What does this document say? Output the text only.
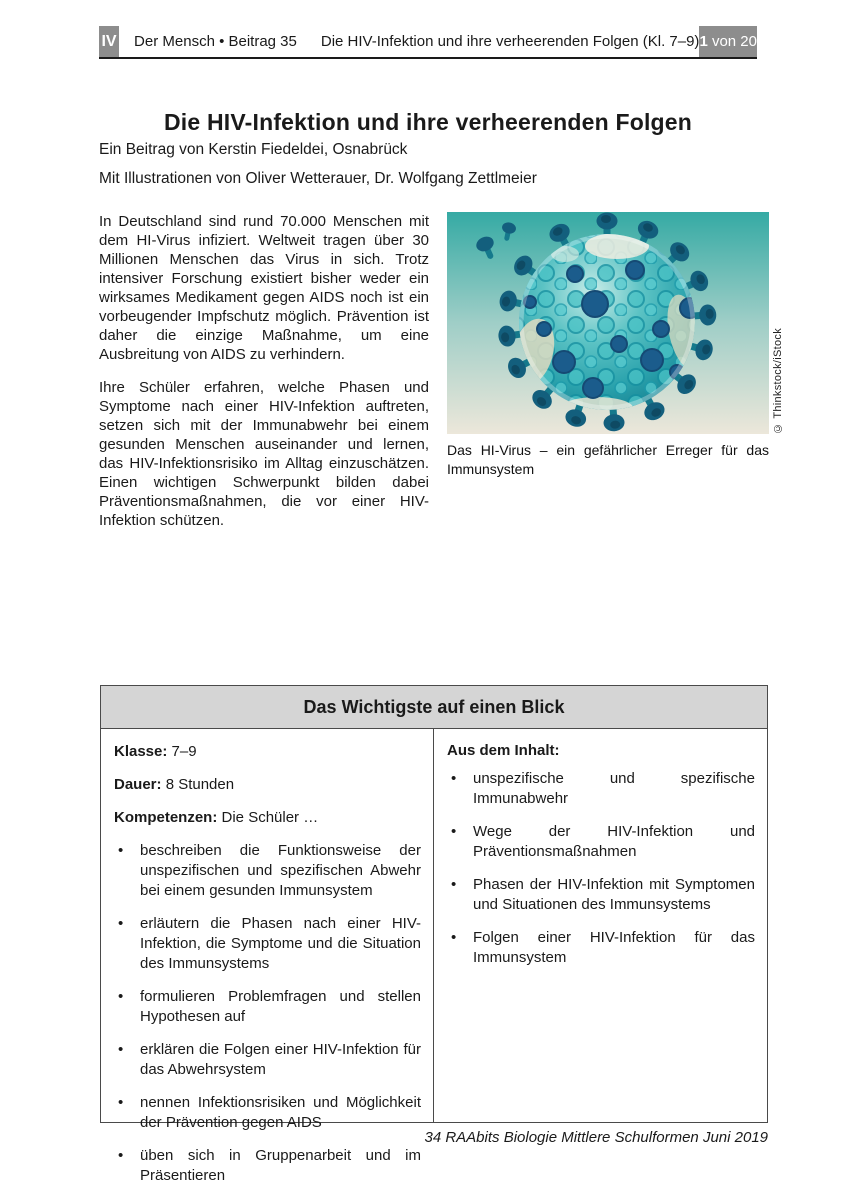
IV Der Mensch • Beitrag 35 Die HIV-Infektion und ihre verheerenden Folgen (Kl. 7–9) 1 von 20
Die HIV-Infektion und ihre verheerenden Folgen
Ein Beitrag von Kerstin Fiedeldei, Osnabrück
Mit Illustrationen von Oliver Wetterauer, Dr. Wolfgang Zettlmeier

In Deutschland sind rund 70.000 Menschen mit dem HI-Virus infiziert. Weltweit tragen über 30 Millionen Menschen das Virus in sich. Trotz intensiver Forschung existiert bisher weder ein wirksames Medikament gegen AIDS noch ist ein vorbeugender Impfschutz möglich. Prävention ist daher die einzige Maßnahme, um eine Ausbreitung von AIDS zu verhindern.

Ihre Schüler erfahren, welche Phasen und Symptome nach einer HIV-Infektion auftreten, setzen sich mit der Immunabwehr bei einem gesunden Menschen auseinander und lernen, das HIV-Infektionsrisiko im Alltag einzuschätzen. Einen wichtigen Schwerpunkt bilden dabei Präventionsmaßnahmen, die vor einer HIV-Infektion schützen.

© Thinkstock/iStock
Das HI-Virus – ein gefährlicher Erreger für das Immunsystem
Das Wichtigste auf einen Blick

Klasse: 7–9

Dauer: 8 Stunden

Kompetenzen: Die Schüler …

• beschreiben die Funktionsweise der unspezifischen und spezifischen Abwehr bei einem gesunden Immunsystem
• erläutern die Phasen nach einer HIV-Infektion, die Symptome und die Situation des Immunsystems
• formulieren Problemfragen und stellen Hypothesen auf
• erklären die Folgen einer HIV-Infektion für das Abwehrsystem
• nennen Infektionsrisiken und Möglichkeit der Prävention gegen AIDS
• üben sich in Gruppenarbeit und im Präsentieren

Aus dem Inhalt:

• unspezifische und spezifische Immunabwehr
• Wege der HIV-Infektion und Präventionsmaßnahmen
• Phasen der HIV-Infektion mit Symptomen und Situationen des Immunsystems
• Folgen einer HIV-Infektion für das Immunsystem
34 RAAbits Biologie Mittlere Schulformen Juni 2019
